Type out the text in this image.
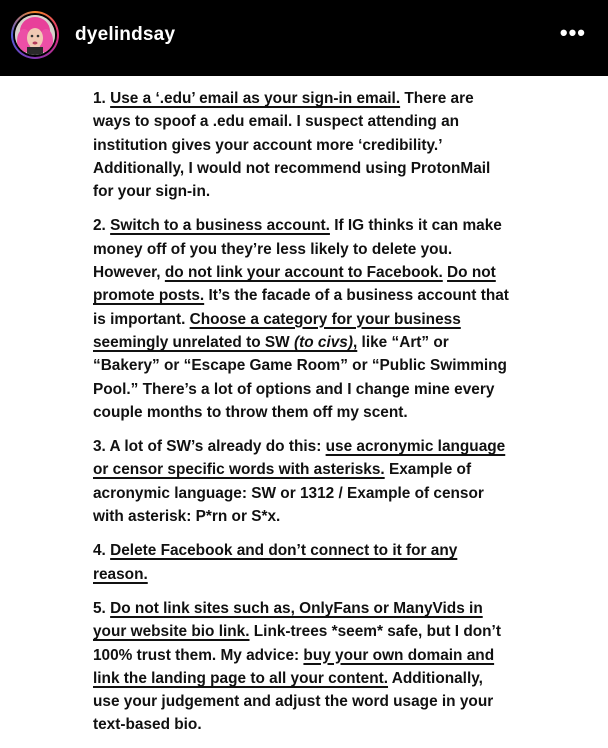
dyelindsay	•••

1. Use a ‘.edu’ email as your sign-in email. There are ways to spoof a .edu email. I suspect attending an institution gives your account more ‘credibility.’ Additionally, I would not recommend using ProtonMail for your sign-in.

2. Switch to a business account. If IG thinks it can make money off of you they’re less likely to delete you. However, do not link your account to Facebook. Do not promote posts. It’s the facade of a business account that is important. Choose a category for your business seemingly unrelated to SW (to civs), like “Art” or “Bakery” or “Escape Game Room” or “Public Swimming Pool.” There’s a lot of options and I change mine every couple months to throw them off my scent.

3. A lot of SW’s already do this: use acronymic language or censor specific words with asterisks. Example of acronymic language: SW or 1312 / Example of censor with asterisk: P*rn or S*x.

4. Delete Facebook and don’t connect to it for any reason.

5. Do not link sites such as, OnlyFans or ManyVids in your website bio link. Link-trees *seem* safe, but I don’t 100% trust them. My advice: buy your own domain and link the landing page to all your content. Additionally, use your judgement and adjust the word usage in your text-based bio.
